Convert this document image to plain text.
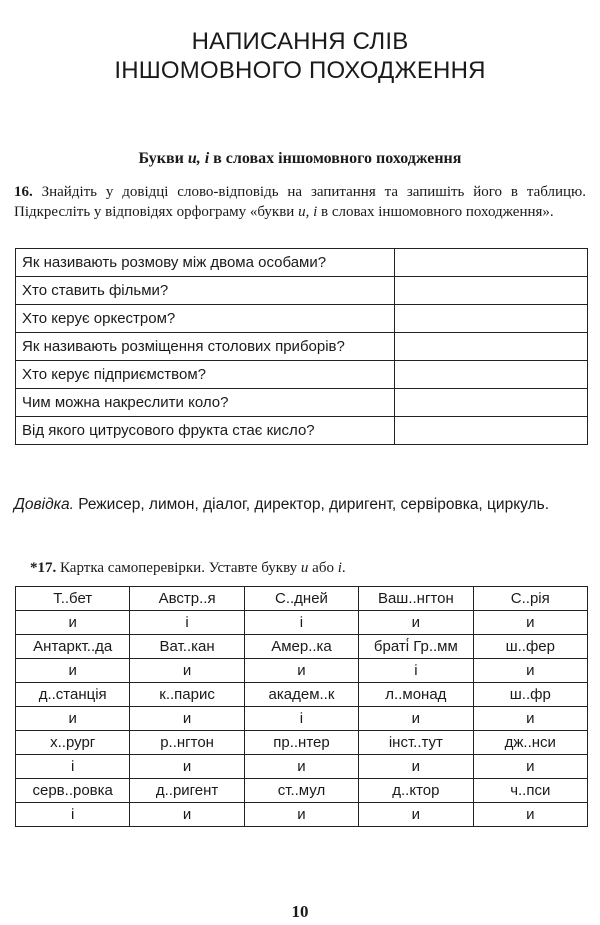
НАПИСАННЯ СЛІВ
ІНШОМОВНОГО ПОХОДЖЕННЯ
Букви и, і в словах іншомовного походження
16. Знайдіть у довідці слово-відповідь на запитання та запишіть його в таблицю. Підкресліть у відповідях орфограму «букви и, і в словах іншомовного походження».
Як називають розмову між двома особами?	
Хто ставить фільми?	
Хто керує оркестром?	
Як називають розміщення столових приборів?	
Хто керує підприємством?	
Чим можна накреслити коло?	
Від якого цитрусового фрукта стає кисло?	
Довідка. Режисер, лимон, діалог, директор, диригент, сервіровка, циркуль.
*17. Картка самоперевірки. Уставте букву и або і.
Т..бет	Австр..я	С..дней	Ваш..нгтон	С..рія
и	і	і	и	и
Антаркт..да	Ват..кан	Амер..ка	браті́ Гр..мм	ш..фер
и	и	и	і	и
д..станція	к..парис	академ..к	л..монад	ш..фр
и	и	і	и	и
х..рург	р..нгтон	пр..нтер	інст..тут	дж..нси
і	и	и	и	и
серв..ровка	д..ригент	ст..мул	д..ктор	ч..пси
і	и	и	и	и
10
